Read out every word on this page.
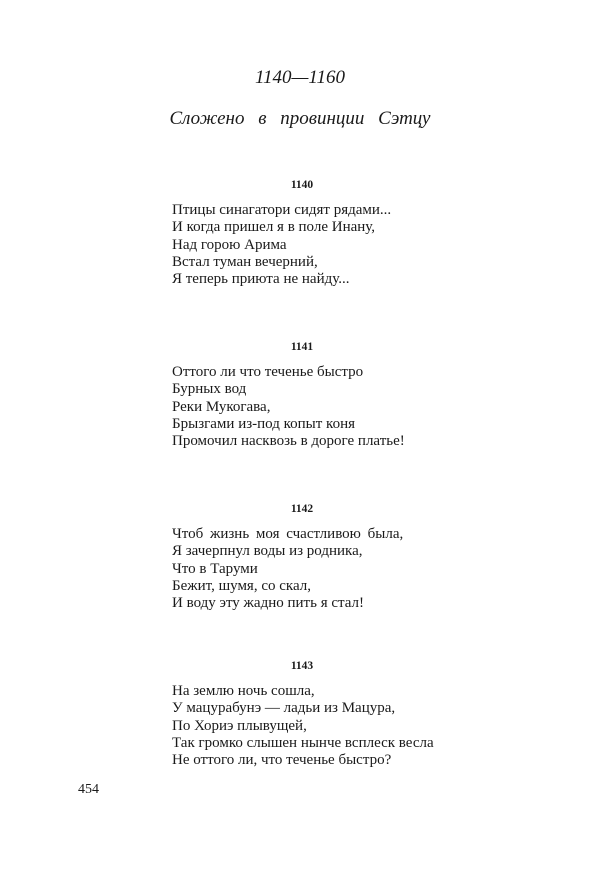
1140—1160
Сложено в провинции Сэтцу
1140
Птицы синагатори сидят рядами...
И когда пришел я в поле Инану,
Над горою Арима
Встал туман вечерний,
Я теперь приюта не найду...
1141
Оттого ли что теченье быстро
Бурных вод
Реки Мукогава,
Брызгами из-под копыт коня
Промочил насквозь в дороге платье!
1142
Чтоб жизнь моя счастливою была,
Я зачерпнул воды из родника,
Что в Таруми
Бежит, шумя, со скал,
И воду эту жадно пить я стал!
1143
На землю ночь сошла,
У мацурабунэ — ладьи из Мацура,
По Хориэ плывущей,
Так громко слышен нынче всплеск весла
Не оттого ли, что теченье быстро?
454
